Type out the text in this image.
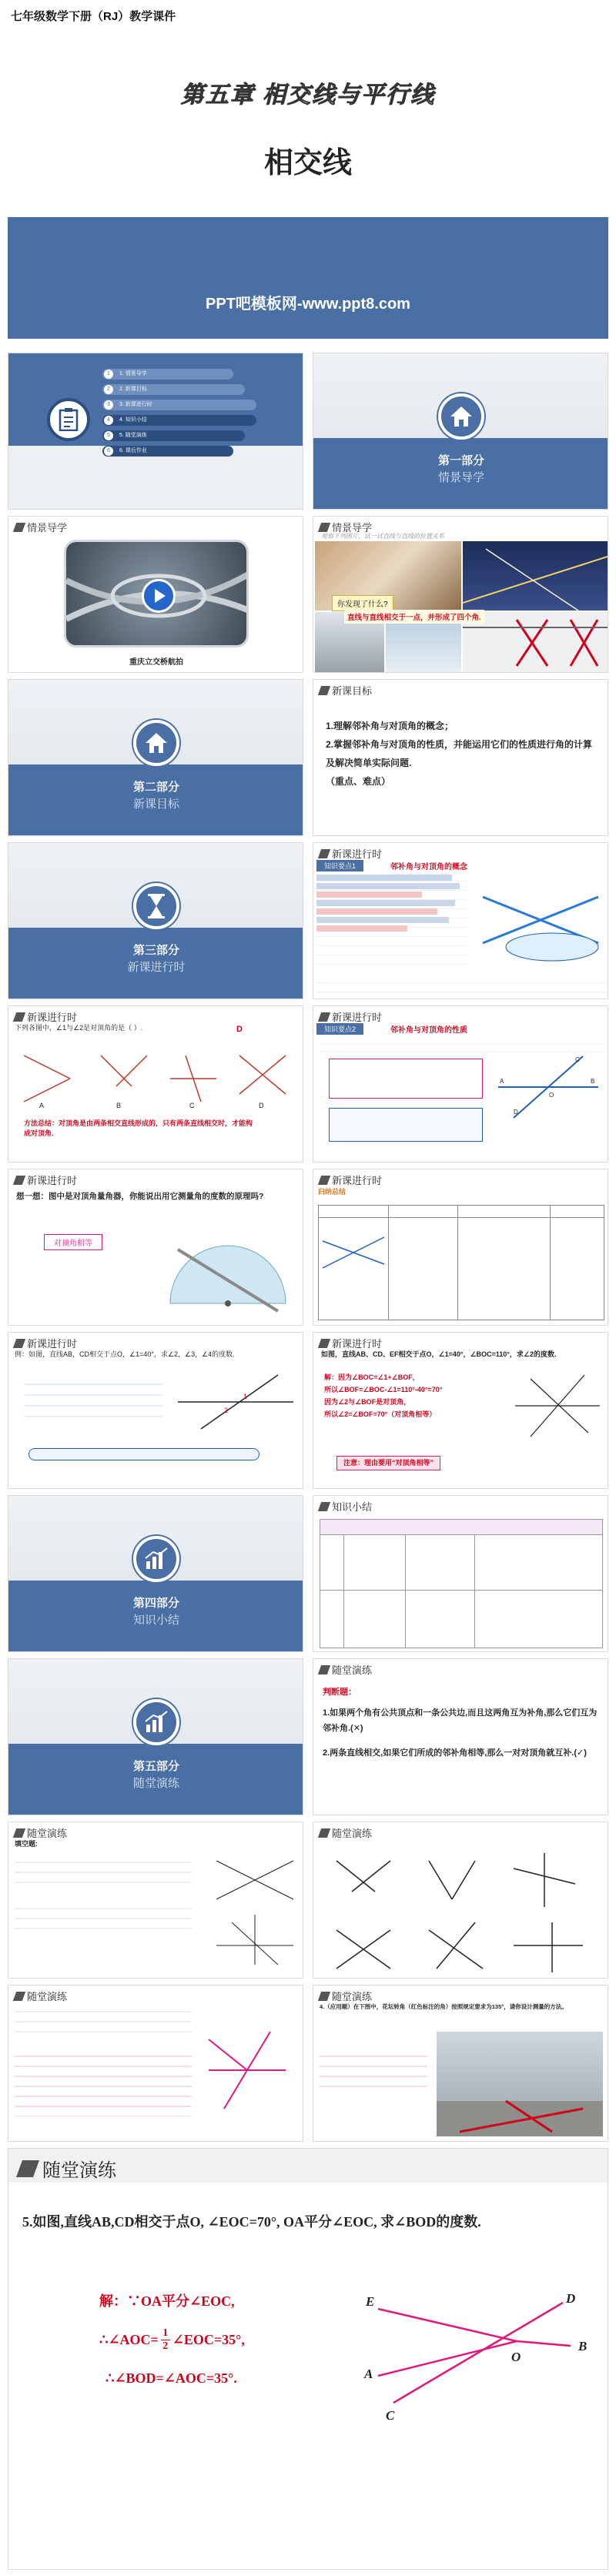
七年级数学下册（RJ）教学课件
第五章 相交线与平行线
相交线
PPT吧模板网-www.ppt8.com
1	1. 情景导学
2	2. 新课目标
3	3. 新课进行时
4	4. 知识小结
5	5. 随堂演练
6	6. 课后作业
第一部分
情景导学
情景导学
重庆立交桥航拍
情景导学
观察下列图片，试一试直线与直线的位置关系
你发现了什么?
直线与直线相交于一点，并形成了四个角.
第二部分
新课目标
新课目标
1.理解邻补角与对顶角的概念；
2.掌握邻补角与对顶角的性质，并能运用它们的性质进行角的计算及解决简单实际问题.
（重点、难点）
第三部分
新课进行时
新课进行时
知识要点1	邻补角与对顶角的概念
新课进行时
下列各图中，∠1与∠2是对顶角的是（ ）.	D
A	B	C	D
方法总结：对顶角是由两条相交直线形成的，只有两条直线相交时，才能构成对顶角.
新课进行时
知识要点2	邻补角与对顶角的性质
A	B
C
D
O
新课进行时
想一想：图中是对顶角量角器，你能说出用它测量角的度数的原理吗?
对顶角相等
新课进行时
归纳总结
新课进行时
例：如图，直线AB，CD相交于点O，∠1=40°，求∠2，∠3，∠4的度数.
1
2
新课进行时
如图，直线AB、CD、EF相交于点O，∠1=40°，∠BOC=110°，求∠2的度数.
解：因为∠BOC=∠1+∠BOF，
所以∠BOF=∠BOC-∠1=110°-40°=70°
因为∠2与∠BOF是对顶角，
所以∠2=∠BOF=70°（对顶角相等）
注意：理由要用“对顶角相等”
第四部分
知识小结
知识小结
第五部分
随堂演练
随堂演练
判断题：
1.如果两个角有公共顶点和一条公共边,而且这两角互为补角,那么它们互为邻补角.(✕)
2.两条直线相交,如果它们所成的邻补角相等,那么一对对顶角就互补.(✓)
随堂演练
填空题:
随堂演练
随堂演练	随堂演练
4.（应用题）在下图中，花坛转角（红色标注的角）按照规定要求为135°，请你设计测量的方法。
随堂演练
5.如图,直线AB,CD相交于点O, ∠EOC=70°, OA平分∠EOC, 求∠BOD的度数.
解：∵OA平分∠EOC,
∴∠AOC= $\frac{1}{2}$ ∠EOC=35°,
∴∠BOD=∠AOC=35°.
E	D
B
A
C
O
